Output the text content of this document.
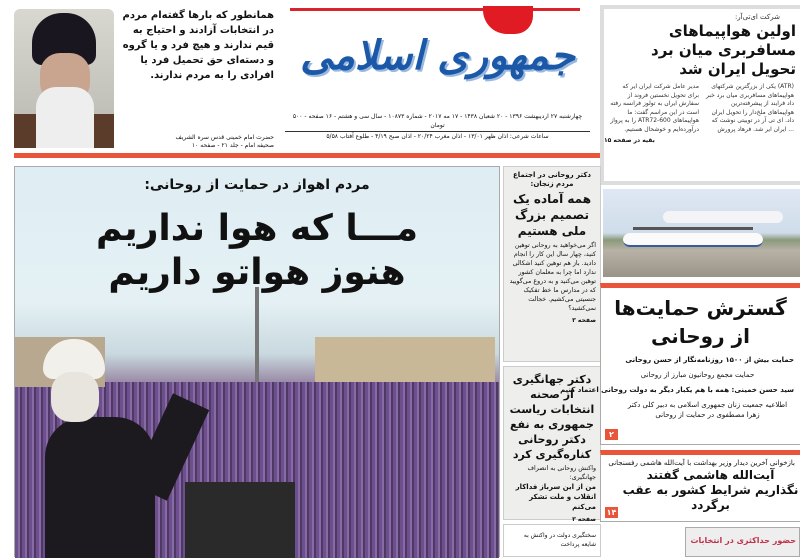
همانطور که بارها گفته‌ام مردم در انتخابات آزادند و احتیاج به قیم ندارند و هیچ فرد و یا گروه و دسته‌ای حق تحمیل فرد یا افرادی را به مردم ندارند.
حضرت امام خمینی قدس سره الشریف
صحیفه امام - جلد ۲۱ - صفحه ۱۰
جمهوری اسلامی
چهارشنبه ۲۷ اردیبهشت ۱۳۹۶ - ۲۰ شعبان ۱۴۳۸ - ۱۷ مه ۲۰۱۷ - شماره ۱۰۸۷۳ - سال سی و هشتم - ۱۶ صفحه - ۵۰۰ تومان
ساعات شرعی: اذان ظهر ۱۳/۰۱ - اذان مغرب ۲۰/۲۴ - اذان صبح ۴/۱۹ - طلوع آفتاب ۵/۵۸
شرکت ای‌تی‌آر:
اولین هواپیماهای مسافربری میان برد تحویل ایران شد
(ATR) یکی از بزرگترین شرکتهای هواپیماهای مسافربری میان برد خبر داد فرایند از پیشرفته‌ترین هواپیماهای ملخ‌دار را تحویل ایران داد. ای تی آر در توییتی نوشت که ... ایران ایر شد. فرهاد پرورش مدیر عامل شرکت ایران ایر که برای تحویل نخستین فروند از سفارش ایران به تولوز فرانسه رفته است در این مراسم گفت: ما هواپیماهای ATR72-600 را به پرواز درآورده‌ایم و خوشحال هستیم.
بقیه در صفحه ۱۵
مردم اهواز در حمایت از روحانی:
مـــا که هوا نداریم
هنوز هواتو داریم
دکتر روحانی در اجتماع مردم زنجان:
همه آماده یک تصمیم بزرگ ملی هستیم

اگر می‌خواهید به روحانی توهین کنید، چهار سال این کار را انجام دادید. باز هم توهین کنید اشکالی ندارد اما چرا به معلمان کشور توهین می‌کنید و به دروغ می‌گویید که در مدارس ما خط تفکیک جنسیتی می‌کشیم. خجالت نمی‌کشید؟

صفحه ۳
دکتر جهانگیری از صحنه انتخابات ریاست جمهوری به نفع دکتر روحانی کناره‌گیری کرد

واکنش روحانی به انصراف جهانگیری:

من از این سرباز فداکار انقلاب و ملت تشکر می‌کنم

صفحه ۳
گسترش حمایت‌ها
از روحانی
حمایت بیش از ۱۵۰۰ روزنامه‌نگار از حسن روحانی
حمایت مجمع روحانیون مبارز از روحانی
سید حسن خمینی: همه با هم یکبار دیگر به دولت روحانی اعتماد کنیم
اطلاعیه جمعیت زنان جمهوری اسلامی به دبیر کلی دکتر زهرا مصطفوی در حمایت از روحانی
۲
بازخوانی آخرین دیدار وزیر بهداشت با آیت‌الله هاشمی رفسنجانی
آیت‌الله هاشمی گفتند
نگذاریم شرایط کشور به عقب برگردد
۱۴
سختگیری دولت در واکنش به شایعه پرداخت	حضور حداکثری در انتخابات
